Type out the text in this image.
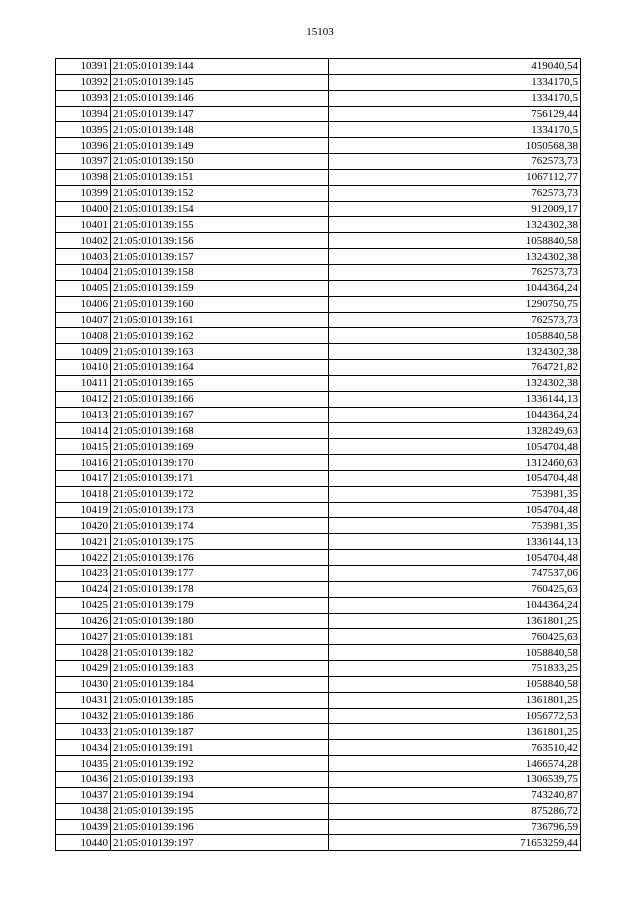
15103
10391	21:05:010139:144	419040,54
10392	21:05:010139:145	1334170,5
10393	21:05:010139:146	1334170,5
10394	21:05:010139:147	756129,44
10395	21:05:010139:148	1334170,5
10396	21:05:010139:149	1050568,38
10397	21:05:010139:150	762573,73
10398	21:05:010139:151	1067112,77
10399	21:05:010139:152	762573,73
10400	21:05:010139:154	912009,17
10401	21:05:010139:155	1324302,38
10402	21:05:010139:156	1058840,58
10403	21:05:010139:157	1324302,38
10404	21:05:010139:158	762573,73
10405	21:05:010139:159	1044364,24
10406	21:05:010139:160	1290750,75
10407	21:05:010139:161	762573,73
10408	21:05:010139:162	1058840,58
10409	21:05:010139:163	1324302,38
10410	21:05:010139:164	764721,82
10411	21:05:010139:165	1324302,38
10412	21:05:010139:166	1336144,13
10413	21:05:010139:167	1044364,24
10414	21:05:010139:168	1328249,63
10415	21:05:010139:169	1054704,48
10416	21:05:010139:170	1312460,63
10417	21:05:010139:171	1054704,48
10418	21:05:010139:172	753981,35
10419	21:05:010139:173	1054704,48
10420	21:05:010139:174	753981,35
10421	21:05:010139:175	1336144,13
10422	21:05:010139:176	1054704,48
10423	21:05:010139:177	747537,06
10424	21:05:010139:178	760425,63
10425	21:05:010139:179	1044364,24
10426	21:05:010139:180	1361801,25
10427	21:05:010139:181	760425,63
10428	21:05:010139:182	1058840,58
10429	21:05:010139:183	751833,25
10430	21:05:010139:184	1058840,58
10431	21:05:010139:185	1361801,25
10432	21:05:010139:186	1056772,53
10433	21:05:010139:187	1361801,25
10434	21:05:010139:191	763510,42
10435	21:05:010139:192	1466574,28
10436	21:05:010139:193	1306539,75
10437	21:05:010139:194	743240,87
10438	21:05:010139:195	875286,72
10439	21:05:010139:196	736796,59
10440	21:05:010139:197	71653259,44
